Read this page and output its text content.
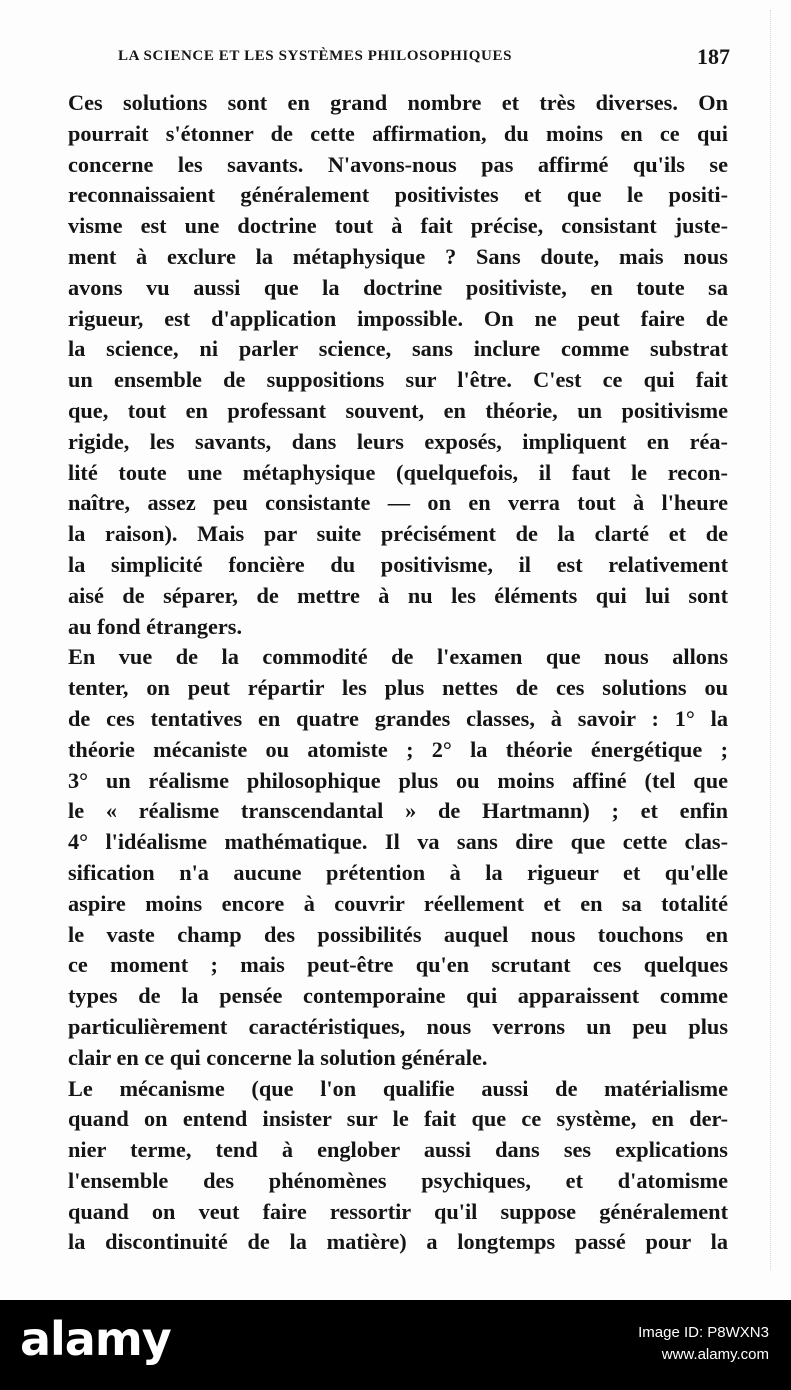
LA SCIENCE ET LES SYSTÈMES PHILOSOPHIQUES	187
Ces solutions sont en grand nombre et très diverses. On
pourrait s'étonner de cette affirmation, du moins en ce qui
concerne les savants. N'avons-nous pas affirmé qu'ils se
reconnaissaient généralement positivistes et que le positi-
visme est une doctrine tout à fait précise, consistant juste-
ment à exclure la métaphysique ? Sans doute, mais nous
avons vu aussi que la doctrine positiviste, en toute sa
rigueur, est d'application impossible. On ne peut faire de
la science, ni parler science, sans inclure comme substrat
un ensemble de suppositions sur l'être. C'est ce qui fait
que, tout en professant souvent, en théorie, un positivisme
rigide, les savants, dans leurs exposés, impliquent en réa-
lité toute une métaphysique (quelquefois, il faut le recon-
naître, assez peu consistante — on en verra tout à l'heure
la raison). Mais par suite précisément de la clarté et de
la simplicité foncière du positivisme, il est relativement
aisé de séparer, de mettre à nu les éléments qui lui sont
au fond étrangers.
En vue de la commodité de l'examen que nous allons
tenter, on peut répartir les plus nettes de ces solutions ou
de ces tentatives en quatre grandes classes, à savoir : 1° la
théorie mécaniste ou atomiste ; 2° la théorie énergétique ;
3° un réalisme philosophique plus ou moins affiné (tel que
le « réalisme transcendantal » de Hartmann) ; et enfin
4° l'idéalisme mathématique. Il va sans dire que cette clas-
sification n'a aucune prétention à la rigueur et qu'elle
aspire moins encore à couvrir réellement et en sa totalité
le vaste champ des possibilités auquel nous touchons en
ce moment ; mais peut-être qu'en scrutant ces quelques
types de la pensée contemporaine qui apparaissent comme
particulièrement caractéristiques, nous verrons un peu plus
clair en ce qui concerne la solution générale.
Le mécanisme (que l'on qualifie aussi de matérialisme
quand on entend insister sur le fait que ce système, en der-
nier terme, tend à englober aussi dans ses explications
l'ensemble des phénomènes psychiques, et d'atomisme
quand on veut faire ressortir qu'il suppose généralement
la discontinuité de la matière) a longtemps passé pour la
alamy	Image ID: P8WXN3
www.alamy.com
